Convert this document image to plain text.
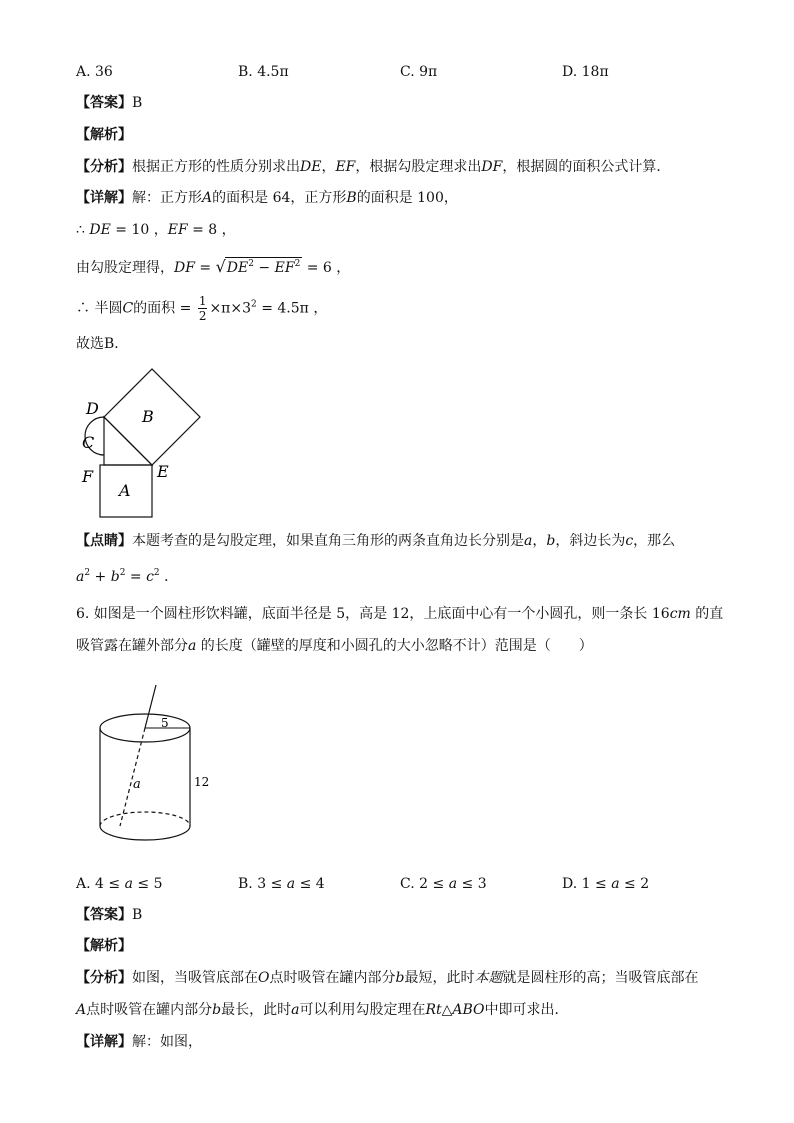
A. 36	B. 4.5π	C. 9π	D. 18π
【答案】B
【解析】
【分析】根据正方形的性质分别求出DE，EF，根据勾股定理求出DF，根据圆的面积公式计算．
【详解】解：正方形A的面积是 64，正方形B的面积是 100，
∴ DE = 10 ，EF = 8 ，
由勾股定理得，DF = $√DE^2 - EF^2 = 6$ ，
∴ 半圆C的面积 = $\frac{1}{2} \times\pi\times 3^2 = 4.5\pi$ ，
故选B．
D	B
C
F	E
A
【点睛】本题考查的是勾股定理，如果直角三角形的两条直角边长分别是a，b，斜边长为c，那么
$a^2 + b^2 = c^2$ ．
6. 如图是一个圆柱形饮料罐，底面半径是 5，高是 12，上底面中心有一个小圆孔，则一条长 16cm 的直
吸管露在罐外部分a 的长度（罐壁的厚度和小圆孔的大小忽略不计）范围是（　　）
5
12
a
A. 4 ≤ a ≤ 5	B. 3 ≤ a ≤ 4	C. 2 ≤ a ≤ 3	D. 1 ≤ a ≤ 2
【答案】B
【解析】
【分析】如图，当吸管底部在O点时吸管在罐内部分b最短，此时本题就是圆柱形的高；当吸管底部在
A点时吸管在罐内部分b最长，此时a可以利用勾股定理在Rt△ABO中即可求出．
【详解】解：如图，
